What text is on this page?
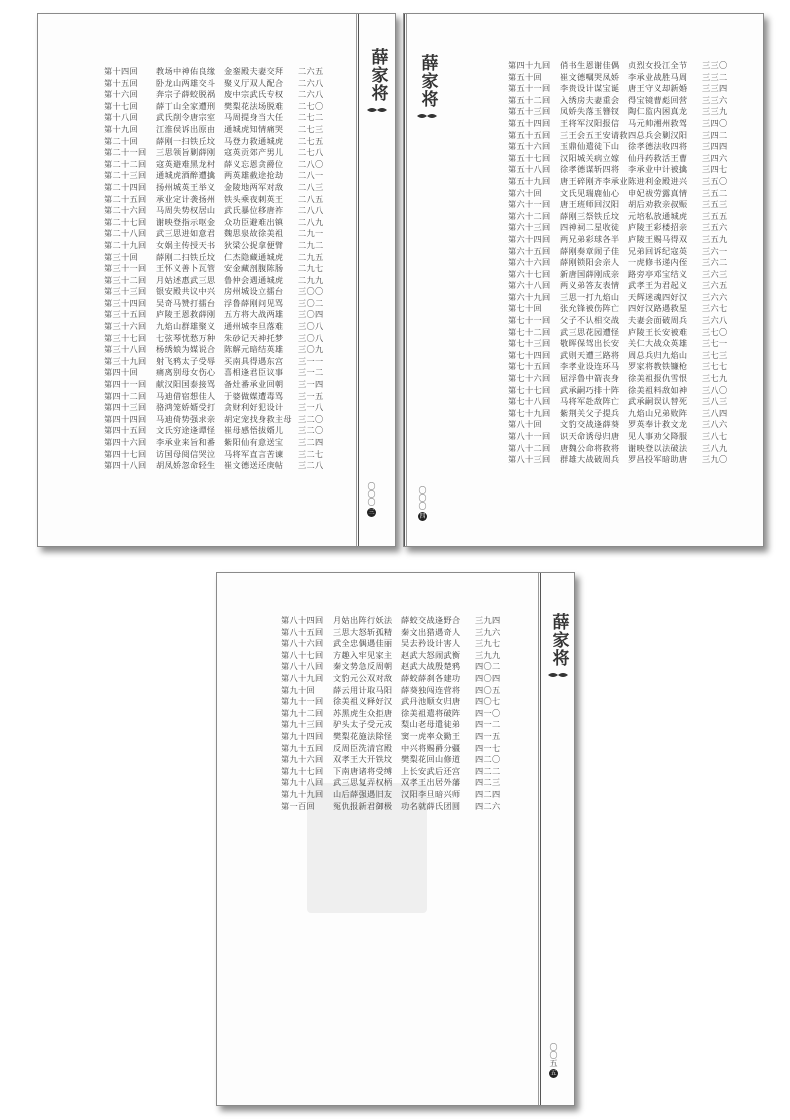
第十四回	教场中神佑良缘	金銮殿夫妻交拜	二六五
第十五回	卧龙山两雄交斗	聚义厅双人配合	二六八
第十六回	奔宗子薛蛟脱祸	废中宗武氏专权	二六八
第十七回	薛丁山全家遭刑	樊梨花法场脱难	二七〇
第十八回	武氏削令唐宗室	马周提身当大任	二七二
第十九回	江淮侯诉出原由	通城虎知情痛哭	二七三
第二十回	薛刚一扫铁丘坟	马登力救通城虎	二七五
第二十一回	三思领旨剿薛刚	寇英贡郊产男儿	二七八
第二十二回	寇英避难黑龙村	薛义忘恩贪爵位	二八〇
第二十三回	通城虎酒醉遭擒	两英雄截途抢劫	二八一
第二十四回	扬州城英王举义	金陵地两军对敌	二八三
第二十五回	承业定计袭扬州	铁头乘夜刺英王	二八五
第二十六回	马周失势权居山	武氏暴位移唐祚	二八八
第二十七回	谢映登指示呕金	众功臣避难出镇	二八九
第二十八回	武三思进如意君	魏思泉故徐美祖	二九一
第二十九回	女娲主传授天书	狄梁公捉拿便臂	二九二
第三十回	薛刚二扫铁丘坟	仁杰隐藏通城虎	二九五
第三十一回	王怀义善卜瓦管	安金藏剖腹陈肠	二九七
第三十二回	月姑述惠武三思	鲁仲会遇通城虎	二九九
第三十三回	银安殿共议中兴	房州城设立擂台	三〇〇
第三十四回	吴奇马赞打擂台	浮鲁薛刚问见骂	三〇二
第三十五回	庐陵王恩救薛刚	五方将大战两雄	三〇四
第三十六回	九焰山群雄聚义	通州城李旦落难	三〇八
第三十七回	七弦琴忧愁万种	朱砂记天神托梦	三〇八
第三十八回	杨绣娘为媒说合	陈解元暗结英雄	三〇九
第三十九回	射飞鸦太子受辱	买南具得遇东宫	三一一
第四十回	痛离别母女伤心	喜相逢君臣议事	三一二
第四十一回	献汉阳国泰接骂	备灶番承业回朝	三一四
第四十二回	马迪借宿想佳人	于婆做媒遭毒骂	三一五
第四十三回	骆鸿笼娇婿受打	贪财利好犯设计	三一八
第四十四回	马迪倚势强求亲	胡定宠找身救主母 三二〇
第四十五回	文氏穷途逢谭怪	崔母感悟拔婿儿	三二〇
第四十六回	李承业来旨和番	紫阳仙有意送宝	三二四
第四十七回	访国母阅信哭泣	马将军直言苦谏	三二七
第四十八回	胡凤娇忽命轻生	崔文德送还庚帖	三二八
薛家将
〇〇〇
三
薛家将
〇〇〇
四
第四十九回	俏书生恩谢佳偶	贞烈女投江全节	三三〇
第五十回	崔文德嘱哭凤娇	李承业战胜马周	三三二
第五十一回	李贵设计谋宝诞	唐王守义却新婚	三三四
第五十二回	入绣房夫妻重会	得宝镜曹彪回营	三三六
第五十三回	凤娇失落玉簪钗	陶仁监内困真龙	三三九
第五十四回	王将军汉阳报信	马元帅湘州救驾	三四〇
第五十五回	三王会五王安请救 四总兵会剿汉阳	三四二
第五十六回	玉鼎仙遣徒下山	徐孝德法收四将	三四四
第五十七回	汉阳城关病立嫁	仙丹药救活王曹	三四六
第五十八回	徐孝德谋斩四将	李承业中计被擒	三四七
第五十九回	唐王碎刚齐李承业 陈进利金殿进兴	三五〇
第六十回	文氏见瑞鹿仙心	申妃祓劳露真情	三五二
第六十一回	唐王班师回汉阳	胡后劝救亲叔赈	三五三
第六十二回	薛刚三祭铁丘坟	元培私放通城虎	三五五
第六十三回	四神祠二星收徒	庐陵王彩楼招亲	三五六
第六十四回	两兄弟彩球各半	庐陵王赐马得双	三五九
第六十五回	薛刚奏章闹子佳	兄弟回诉纪寇英	三六一
第六十六回	薛刚锁阳会亲人	一虎修书递内侄	三六二
第六十七回	新唐国薛刚成亲	路旁亭邓宝结义	三六三
第六十八回	两义弟答友表情	武孝王为君起义	三六五
第六十九回	三思一打九焰山	天辉迷魂四好汉	三六六
第七十回	张允锋被伤阵亡	四好汉路遇救星	三六七
第七十一回	父子不认相交战	夫妻会面破周兵	三六八
第七十二回	武三思花园遭怪	庐陵王长安被难	三七〇
第七十三回	敬晖保驾出长安	关仁大战众英雄	三七一
第七十四回	武则天遭三路将	周总兵归九焰山	三七三
第七十五回	李孝业设连环马	罗家将教铁镰枪	三七七
第七十六回	屈浮鲁中箭丧身	徐美祖报仇雪恨	三七九
第七十七回	武承嗣巧排十阵	徐美祖料敌如神	三八〇
第七十八回	马将军赴敌阵亡	武承嗣误认替死	三八三
第七十九回	紫荆关父子提兵	九焰山兄弟败阵	三八四
第八十回	文豹交战逢薛葵	罗英奉计救文龙	三八六
第八十一回	识天命诱母归唐	见人事劝父降服	三八七
第八十二回	唐魏公命将救将	谢映登以法破法	三八九
第八十三回	群雄大战破周兵	罗昌投军暗助唐	三九〇
第八十四回	月姑出阵行妖法	薛蛟交战逢野合	三九四
第八十五回	三思大怒斩孤精	秦文出猎遇奇人	三九六
第八十六回	武全忠偶遇佳丽	吴去矜设计害人	三九七
第八十七回	方趣入牢见家主	赵武大怒闹武衡	三九九
第八十八回	秦文势急反周朝	赵武大战殷楚鸦	四〇二
第八十九回	文豹元公双对敌	薛蛟薛刹各建功	四〇四
第九十回	薛云用计取马阳	薛葵独闯连营将	四〇五
第九十一回	徐美祖义释好汉	武丹池顺女归唐	四〇七
第九十二回	苏黑虎生众拒唐	徐美祖遣将破阵	四一〇
第九十三回	驴头太子受元戎	梨山老母遣徒弟	四一二
第九十四回	樊梨花施法除怪	窦一虎率众勤王	四一五
第九十五回	反周臣洗清宫殿	中兴将赐爵分疆	四一七
第九十六回	双孝王大开铁坟	樊梨花回山修道	四二〇
第九十七回	下南唐诸将受缚	上长安武后还宫	四二二
第九十八回	武三思复弄权柄	双孝王出居外藩	四二三
第九十九回	山后薛强遇旧友	汉阳李旦暗兴师	四二四
第一百回	冤仇报新君御极	功名就薛氏团圆	四二六
薛家将
〇〇五
五
